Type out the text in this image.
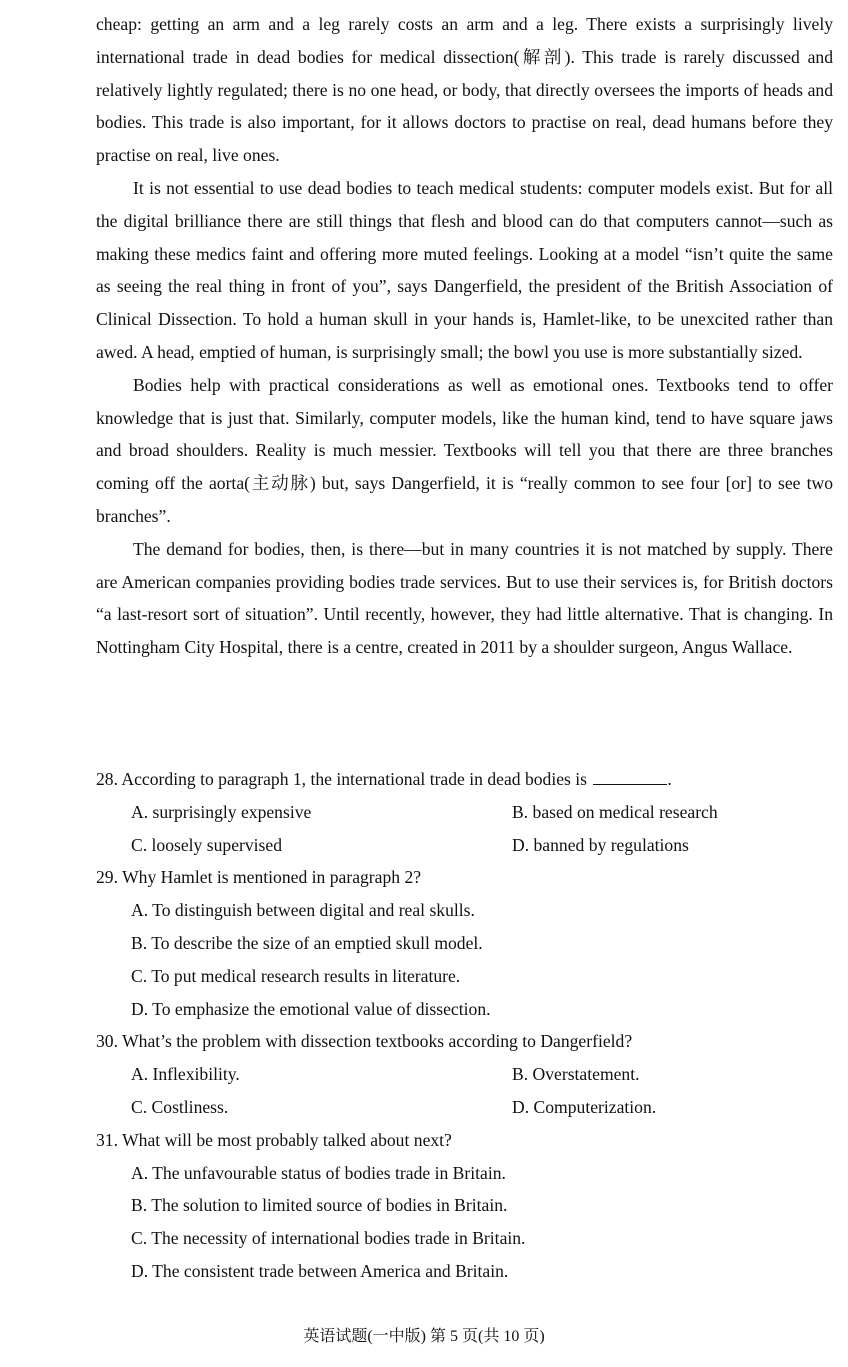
cheap: getting an arm and a leg rarely costs an arm and a leg. There exists a surprisingly lively international trade in dead bodies for medical dissection(解剖). This trade is rarely discussed and relatively lightly regulated; there is no one head, or body, that directly oversees the imports of heads and bodies. This trade is also important, for it allows doctors to practise on real, dead humans before they practise on real, live ones.

It is not essential to use dead bodies to teach medical students: computer models exist. But for all the digital brilliance there are still things that flesh and blood can do that computers cannot—such as making these medics faint and offering more muted feelings. Looking at a model “isn’t quite the same as seeing the real thing in front of you”, says Dangerfield, the president of the British Association of Clinical Dissection. To hold a human skull in your hands is, Hamlet-like, to be unexcited rather than awed. A head, emptied of human, is surprisingly small; the bowl you use is more substantially sized.

Bodies help with practical considerations as well as emotional ones. Textbooks tend to offer knowledge that is just that. Similarly, computer models, like the human kind, tend to have square jaws and broad shoulders. Reality is much messier. Textbooks will tell you that there are three branches coming off the aorta(主动脉) but, says Dangerfield, it is “really common to see four [or] to see two branches”.

The demand for bodies, then, is there—but in many countries it is not matched by supply. There are American companies providing bodies trade services. But to use their services is, for British doctors “a last-resort sort of situation”. Until recently, however, they had little alternative. That is changing. In Nottingham City Hospital, there is a centre, created in 2011 by a shoulder surgeon, Angus Wallace.

28. According to paragraph 1, the international trade in dead bodies is	.
A. surprisingly expensive	B. based on medical research
C. loosely supervised	D. banned by regulations
29. Why Hamlet is mentioned in paragraph 2?
A. To distinguish between digital and real skulls.
B. To describe the size of an emptied skull model.
C. To put medical research results in literature.
D. To emphasize the emotional value of dissection.
30. What’s the problem with dissection textbooks according to Dangerfield?
A. Inflexibility.	B. Overstatement.
C. Costliness.	D. Computerization.
31. What will be most probably talked about next?
A. The unfavourable status of bodies trade in Britain.
B. The solution to limited source of bodies in Britain.
C. The necessity of international bodies trade in Britain.
D. The consistent trade between America and Britain.
英语试题(一中版) 第 5 页(共 10 页)
